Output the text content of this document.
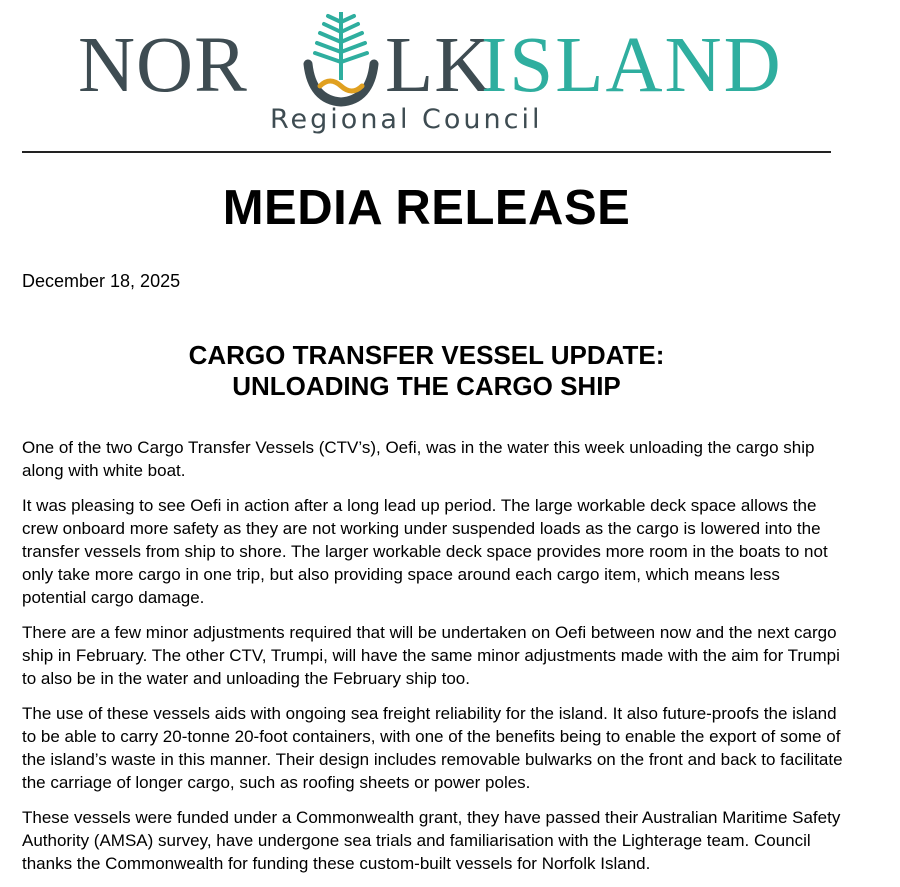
NOR LK
ISLAND
Regional Council
MEDIA RELEASE
December 18, 2025
CARGO TRANSFER VESSEL UPDATE:
UNLOADING THE CARGO SHIP

One of the two Cargo Transfer Vessels (CTV’s), Oefi, was in the water this week unloading the cargo ship along with white boat.

It was pleasing to see Oefi in action after a long lead up period. The large workable deck space allows the crew onboard more safety as they are not working under suspended loads as the cargo is lowered into the transfer vessels from ship to shore. The larger workable deck space provides more room in the boats to not only take more cargo in one trip, but also providing space around each cargo item, which means less potential cargo damage.

There are a few minor adjustments required that will be undertaken on Oefi between now and the next cargo ship in February. The other CTV, Trumpi, will have the same minor adjustments made with the aim for Trumpi to also be in the water and unloading the February ship too.

The use of these vessels aids with ongoing sea freight reliability for the island. It also future-proofs the island to be able to carry 20-tonne 20-foot containers, with one of the benefits being to enable the export of some of the island’s waste in this manner. Their design includes removable bulwarks on the front and back to facilitate the carriage of longer cargo, such as roofing sheets or power poles.

These vessels were funded under a Commonwealth grant, they have passed their Australian Maritime Safety Authority (AMSA) survey, have undergone sea trials and familiarisation with the Lighterage team. Council thanks the Commonwealth for funding these custom-built vessels for Norfolk Island.
